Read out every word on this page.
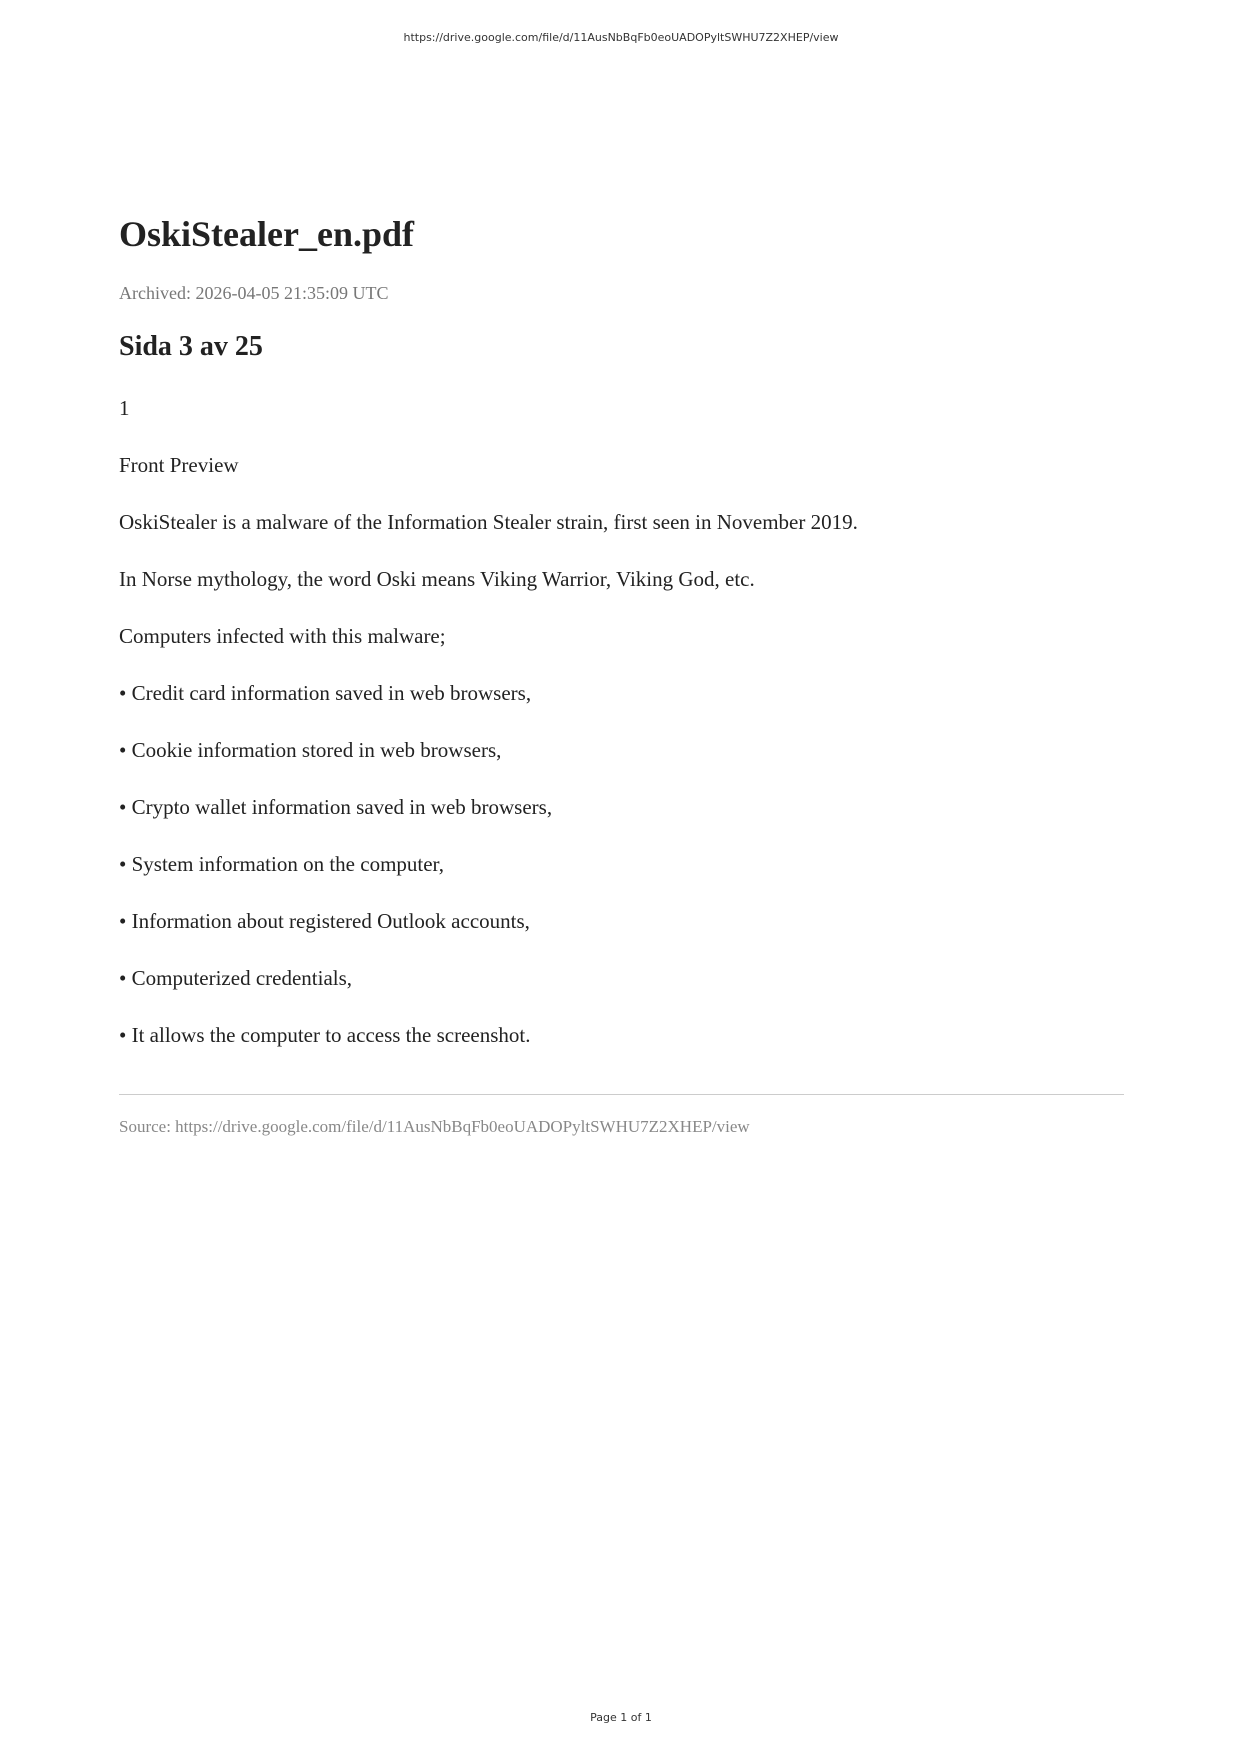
https://drive.google.com/file/d/11AusNbBqFb0eoUADOPyltSWHU7Z2XHEP/view
OskiStealer_en.pdf

Archived: 2026-04-05 21:35:09 UTC

Sida 3 av 25

1

Front Preview

OskiStealer is a malware of the Information Stealer strain, first seen in November 2019.

In Norse mythology, the word Oski means Viking Warrior, Viking God, etc.

Computers infected with this malware;

• Credit card information saved in web browsers,
• Cookie information stored in web browsers,
• Crypto wallet information saved in web browsers,
• System information on the computer,
• Information about registered Outlook accounts,
• Computerized credentials,
• It allows the computer to access the screenshot.

Source: https://drive.google.com/file/d/11AusNbBqFb0eoUADOPyltSWHU7Z2XHEP/view

Page 1 of 1
